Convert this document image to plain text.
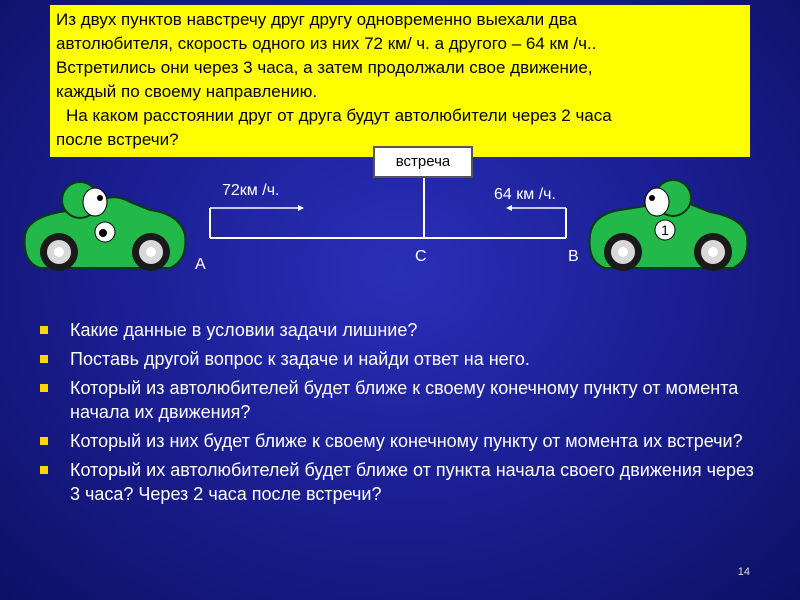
Из двух пунктов навстречу друг другу одновременно выехали два

автолюбителя, скорость одного из них 72 км/ ч. а другого – 64 км /ч..

Встретились они через 3 часа, а затем продолжали свое движение,

каждый по своему направлению.

На каком расстоянии друг от друга будут автолюбители через 2 часа

после встречи?

1
встреча
72км /ч.	64 км /ч.
А	С	В
Какие данные в условии задачи лишние?
Поставь другой вопрос к задаче и найди ответ на него.
Который из автолюбителей будет ближе к своему конечному пункту от момента начала их движения?
Который из них будет ближе к своему конечному пункту от момента их встречи?
Который их автолюбителей будет ближе от пункта начала своего движения через 3 часа? Через 2 часа после встречи?
14
